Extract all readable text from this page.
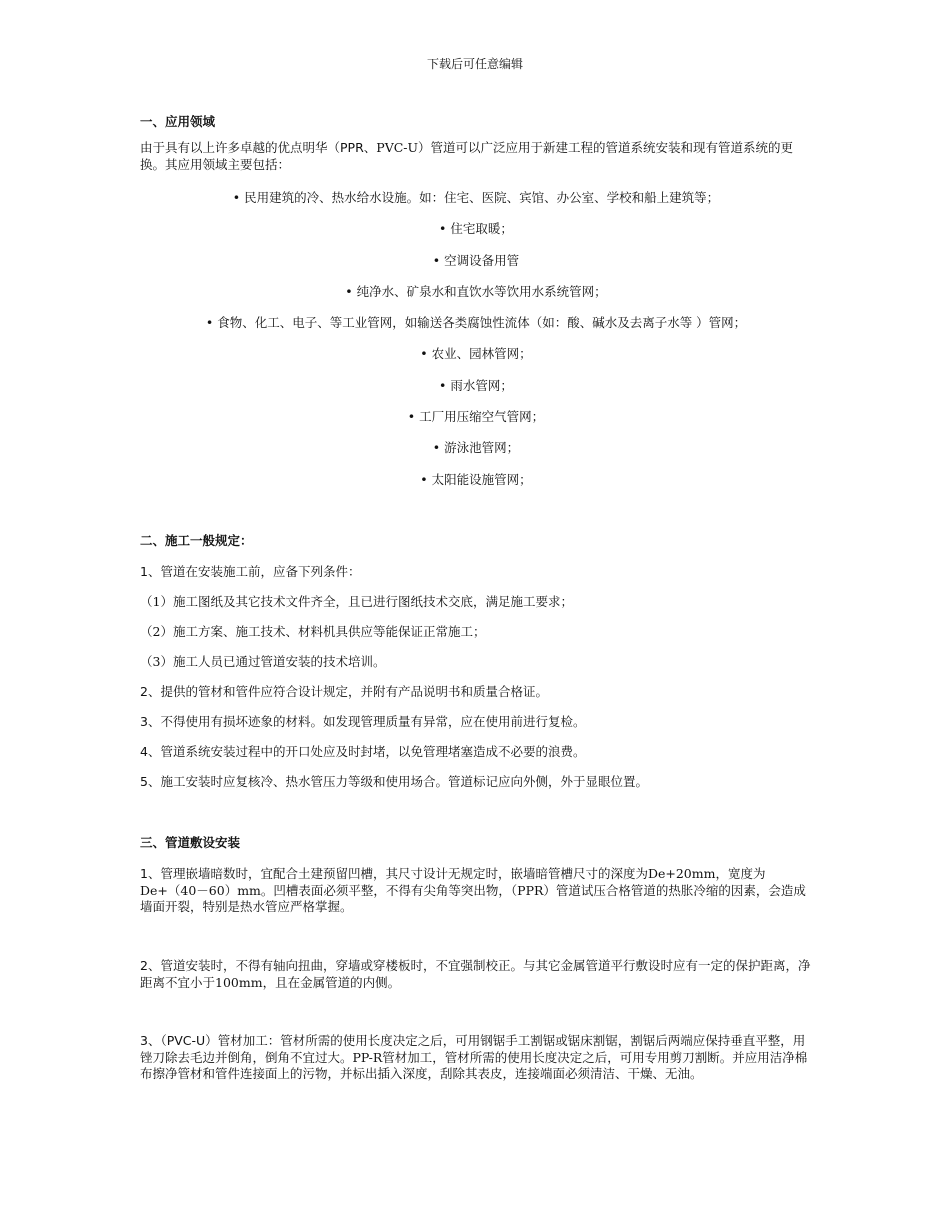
下载后可任意编辑
一、应用领域

由于具有以上许多卓越的优点明华（PPR、PVC-U）管道可以广泛应用于新建工程的管道系统安装和现有管道系统的更换。其应用领域主要包括：

• 民用建筑的冷、热水给水设施。如：住宅、医院、宾馆、办公室、学校和船上建筑等；
• 住宅取暖；
• 空调设备用管
• 纯净水、矿泉水和直饮水等饮用水系统管网；
• 食物、化工、电子、等工业管网，如输送各类腐蚀性流体（如：酸、碱水及去离子水等 ）管网；
• 农业、园林管网；
• 雨水管网；
• 工厂用压缩空气管网；
• 游泳池管网；
• 太阳能设施管网；
二、施工一般规定：
1、管道在安装施工前，应备下列条件：
（1）施工图纸及其它技术文件齐全，且已进行图纸技术交底，满足施工要求；
（2）施工方案、施工技术、材料机具供应等能保证正常施工；
（3）施工人员已通过管道安装的技术培训。
2、提供的管材和管件应符合设计规定，并附有产品说明书和质量合格证。
3、不得使用有损坏迹象的材料。如发现管理质量有异常，应在使用前进行复检。
4、管道系统安装过程中的开口处应及时封堵，以免管理堵塞造成不必要的浪费。
5、施工安装时应复核冷、热水管压力等级和使用场合。管道标记应向外侧，外于显眼位置。
三、管道敷设安装

1、管理嵌墙暗数时，宜配合土建预留凹槽，其尺寸设计无规定时，嵌墙暗管槽尺寸的深度为De+20mm，宽度为De+（40－60）mm。凹槽表面必须平整，不得有尖角等突出物，（PPR）管道试压合格管道的热胀冷缩的因素，会造成墙面开裂，特别是热水管应严格掌握。

2、管道安装时，不得有轴向扭曲，穿墙或穿楼板时，不宜强制校正。与其它金属管道平行敷设时应有一定的保护距离，净距离不宜小于100mm，且在金属管道的内侧。

3、（PVC-U）管材加工：管材所需的使用长度决定之后，可用钢锯手工割锯或锯床割锯，割锯后两端应保持垂直平整，用锉刀除去毛边并倒角，倒角不宜过大。PP-R管材加工，管材所需的使用长度决定之后，可用专用剪刀割断。并应用洁净棉布擦净管材和管件连接面上的污物，并标出插入深度，刮除其表皮，连接端面必须清洁、干燥、无油。
